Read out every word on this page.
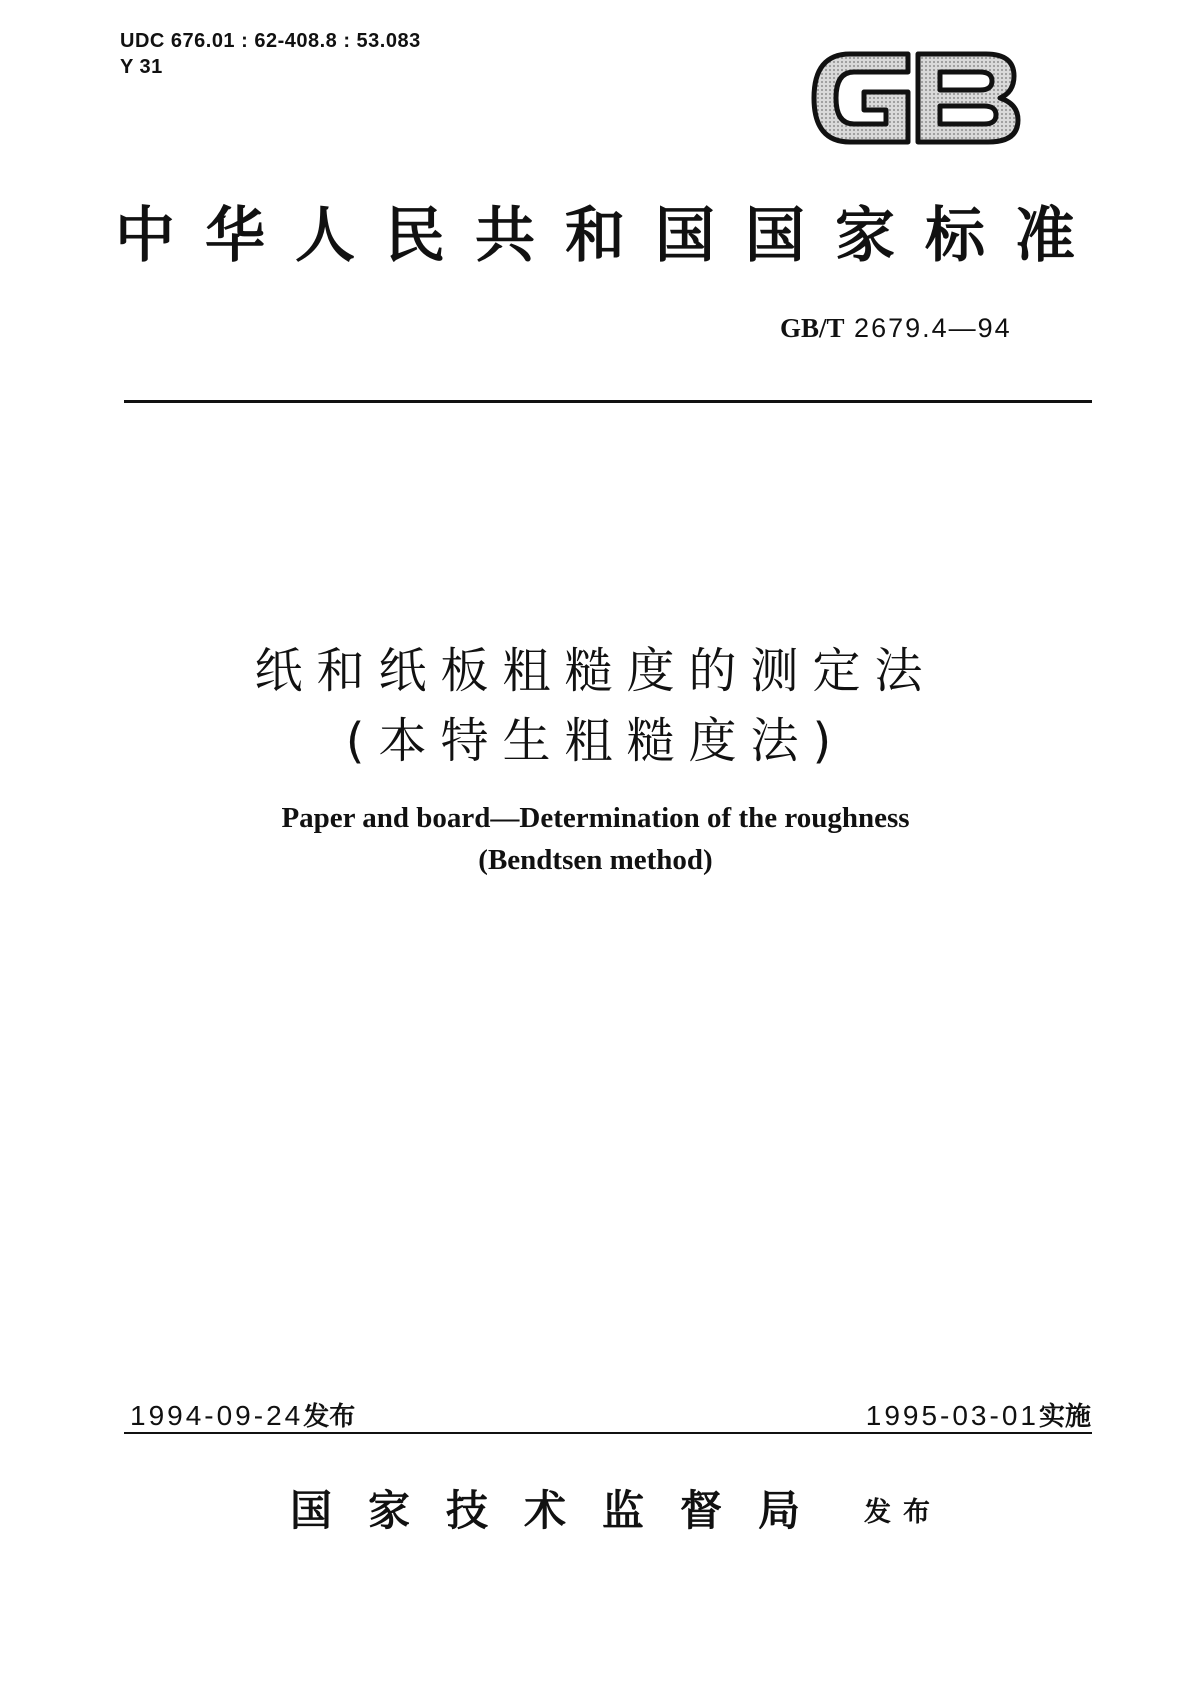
UDC 676.01 : 62-408.8 : 53.083
Y 31
GB
中华人民共和国国家标准
GB/T 2679.4—94
纸和纸板粗糙度的测定法
(本特生粗糙度法)
Paper and board—Determination of the roughness
(Bendtsen method)
1994-09-24发布	1995-03-01实施
国家技术监督局 发布
